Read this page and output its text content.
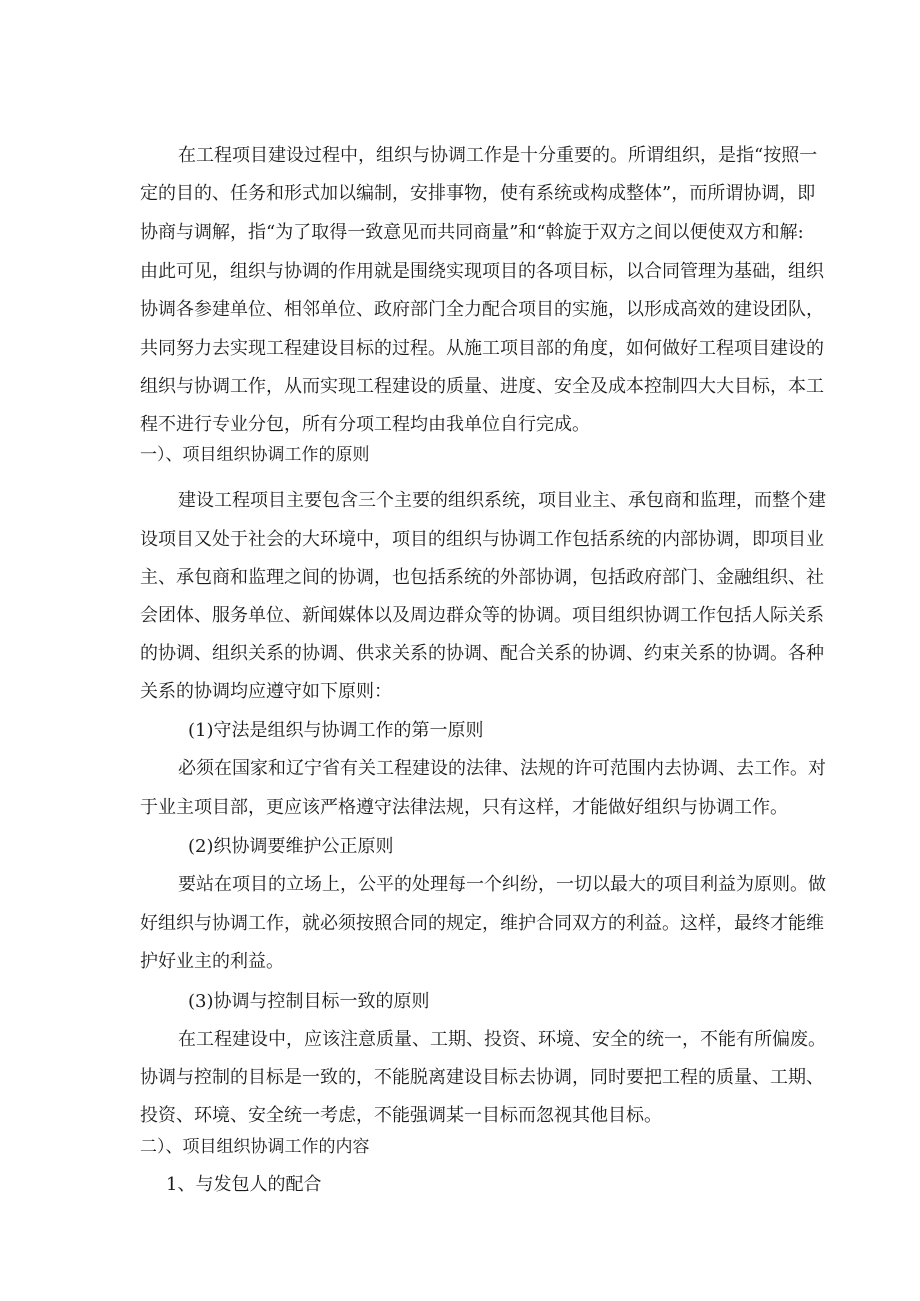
在工程项目建设过程中，组织与协调工作是十分重要的。所谓组织，是指“按照一
定的目的、任务和形式加以编制，安排事物，使有系统或构成整体”，而所谓协调，即
协商与调解，指“为了取得一致意见而共同商量”和“斡旋于双方之间以便使双方和解:
由此可见，组织与协调的作用就是围绕实现项目的各项目标，以合同管理为基础，组织
协调各参建单位、相邻单位、政府部门全力配合项目的实施，以形成高效的建设团队，
共同努力去实现工程建设目标的过程。从施工项目部的角度，如何做好工程项目建设的
组织与协调工作，从而实现工程建设的质量、进度、安全及成本控制四大大目标，本工
程不进行专业分包，所有分项工程均由我单位自行完成。
一）、项目组织协调工作的原则
建设工程项目主要包含三个主要的组织系统，项目业主、承包商和监理，而整个建
设项目又处于社会的大环境中，项目的组织与协调工作包括系统的内部协调，即项目业
主、承包商和监理之间的协调，也包括系统的外部协调，包括政府部门、金融组织、社
会团体、服务单位、新闻媒体以及周边群众等的协调。项目组织协调工作包括人际关系
的协调、组织关系的协调、供求关系的协调、配合关系的协调、约束关系的协调。各种
关系的协调均应遵守如下原则：
(1)守法是组织与协调工作的第一原则
必须在国家和辽宁省有关工程建设的法律、法规的许可范围内去协调、去工作。对
于业主项目部，更应该严格遵守法律法规，只有这样，才能做好组织与协调工作。
(2)织协调要维护公正原则
要站在项目的立场上，公平的处理每一个纠纷，一切以最大的项目利益为原则。做
好组织与协调工作，就必须按照合同的规定，维护合同双方的利益。这样，最终才能维
护好业主的利益。
(3)协调与控制目标一致的原则
在工程建设中，应该注意质量、工期、投资、环境、安全的统一，不能有所偏废。
协调与控制的目标是一致的，不能脱离建设目标去协调，同时要把工程的质量、工期、
投资、环境、安全统一考虑，不能强调某一目标而忽视其他目标。
二）、项目组织协调工作的内容
1、与发包人的配合
